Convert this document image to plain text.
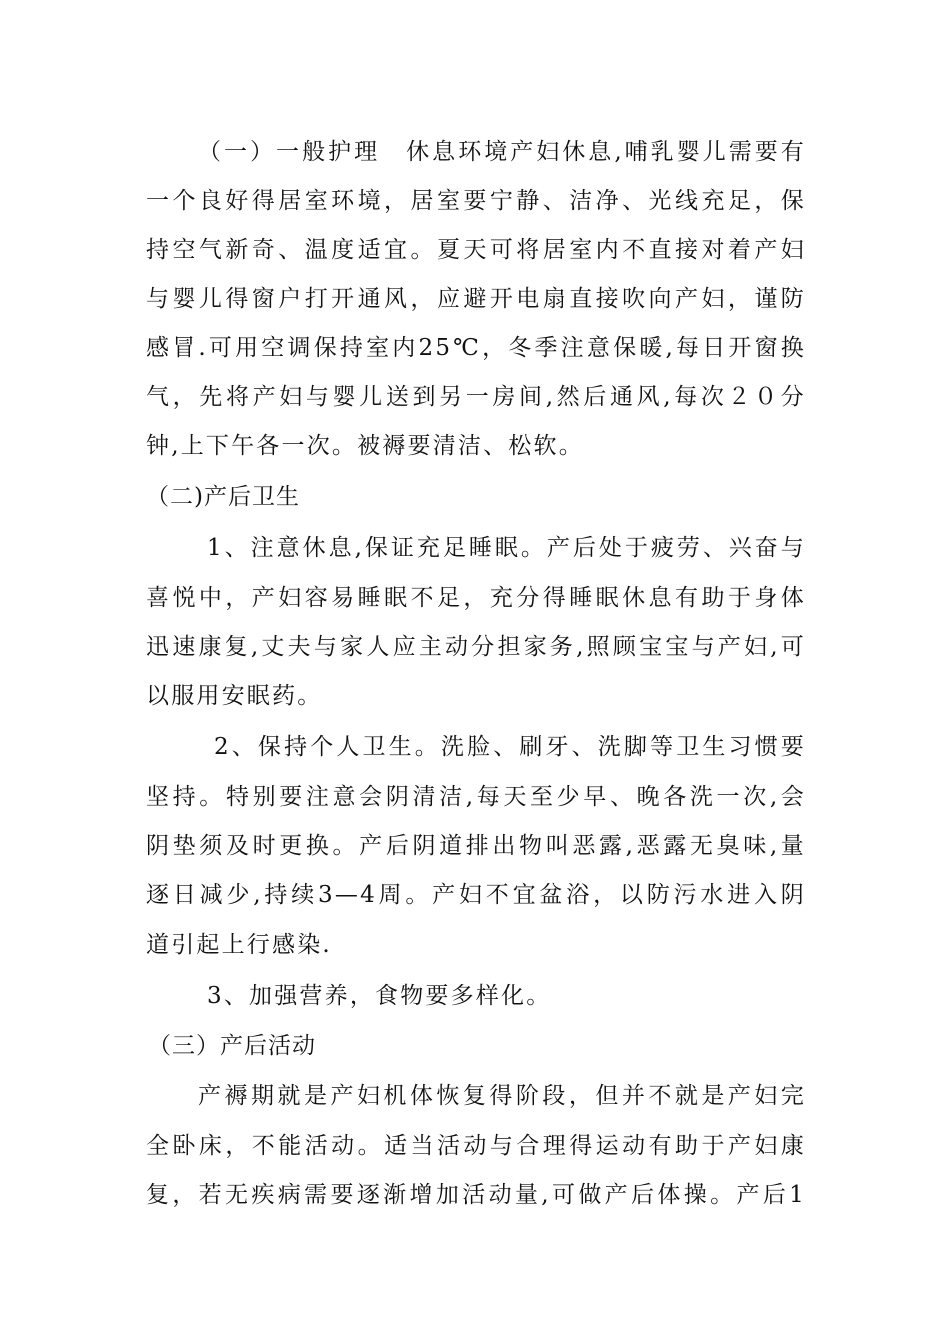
（一）一般护理　休息环境产妇休息,哺乳婴儿需要有
一个良好得居室环境，居室要宁静、洁净、光线充足，保
持空气新奇、温度适宜。夏天可将居室内不直接对着产妇
与婴儿得窗户打开通风，应避开电扇直接吹向产妇，谨防
感冒.可用空调保持室内25℃，冬季注意保暖,每日开窗换
气，先将产妇与婴儿送到另一房间,然后通风,每次２０分
钟,上下午各一次。被褥要清洁、松软。
（二)产后卫生
1、注意休息,保证充足睡眠。产后处于疲劳、兴奋与
喜悦中，产妇容易睡眠不足，充分得睡眠休息有助于身体
迅速康复,丈夫与家人应主动分担家务,照顾宝宝与产妇,可
以服用安眠药。
2、保持个人卫生。洗脸、刷牙、洗脚等卫生习惯要
坚持。特别要注意会阴清洁,每天至少早、晚各洗一次,会
阴垫须及时更换。产后阴道排出物叫恶露,恶露无臭味,量
逐日减少,持续3—4周。产妇不宜盆浴，以防污水进入阴
道引起上行感染.
3、加强营养，食物要多样化。
（三）产后活动
产褥期就是产妇机体恢复得阶段，但并不就是产妇完
全卧床，不能活动。适当活动与合理得运动有助于产妇康
复，若无疾病需要逐渐增加活动量,可做产后体操。产后1
